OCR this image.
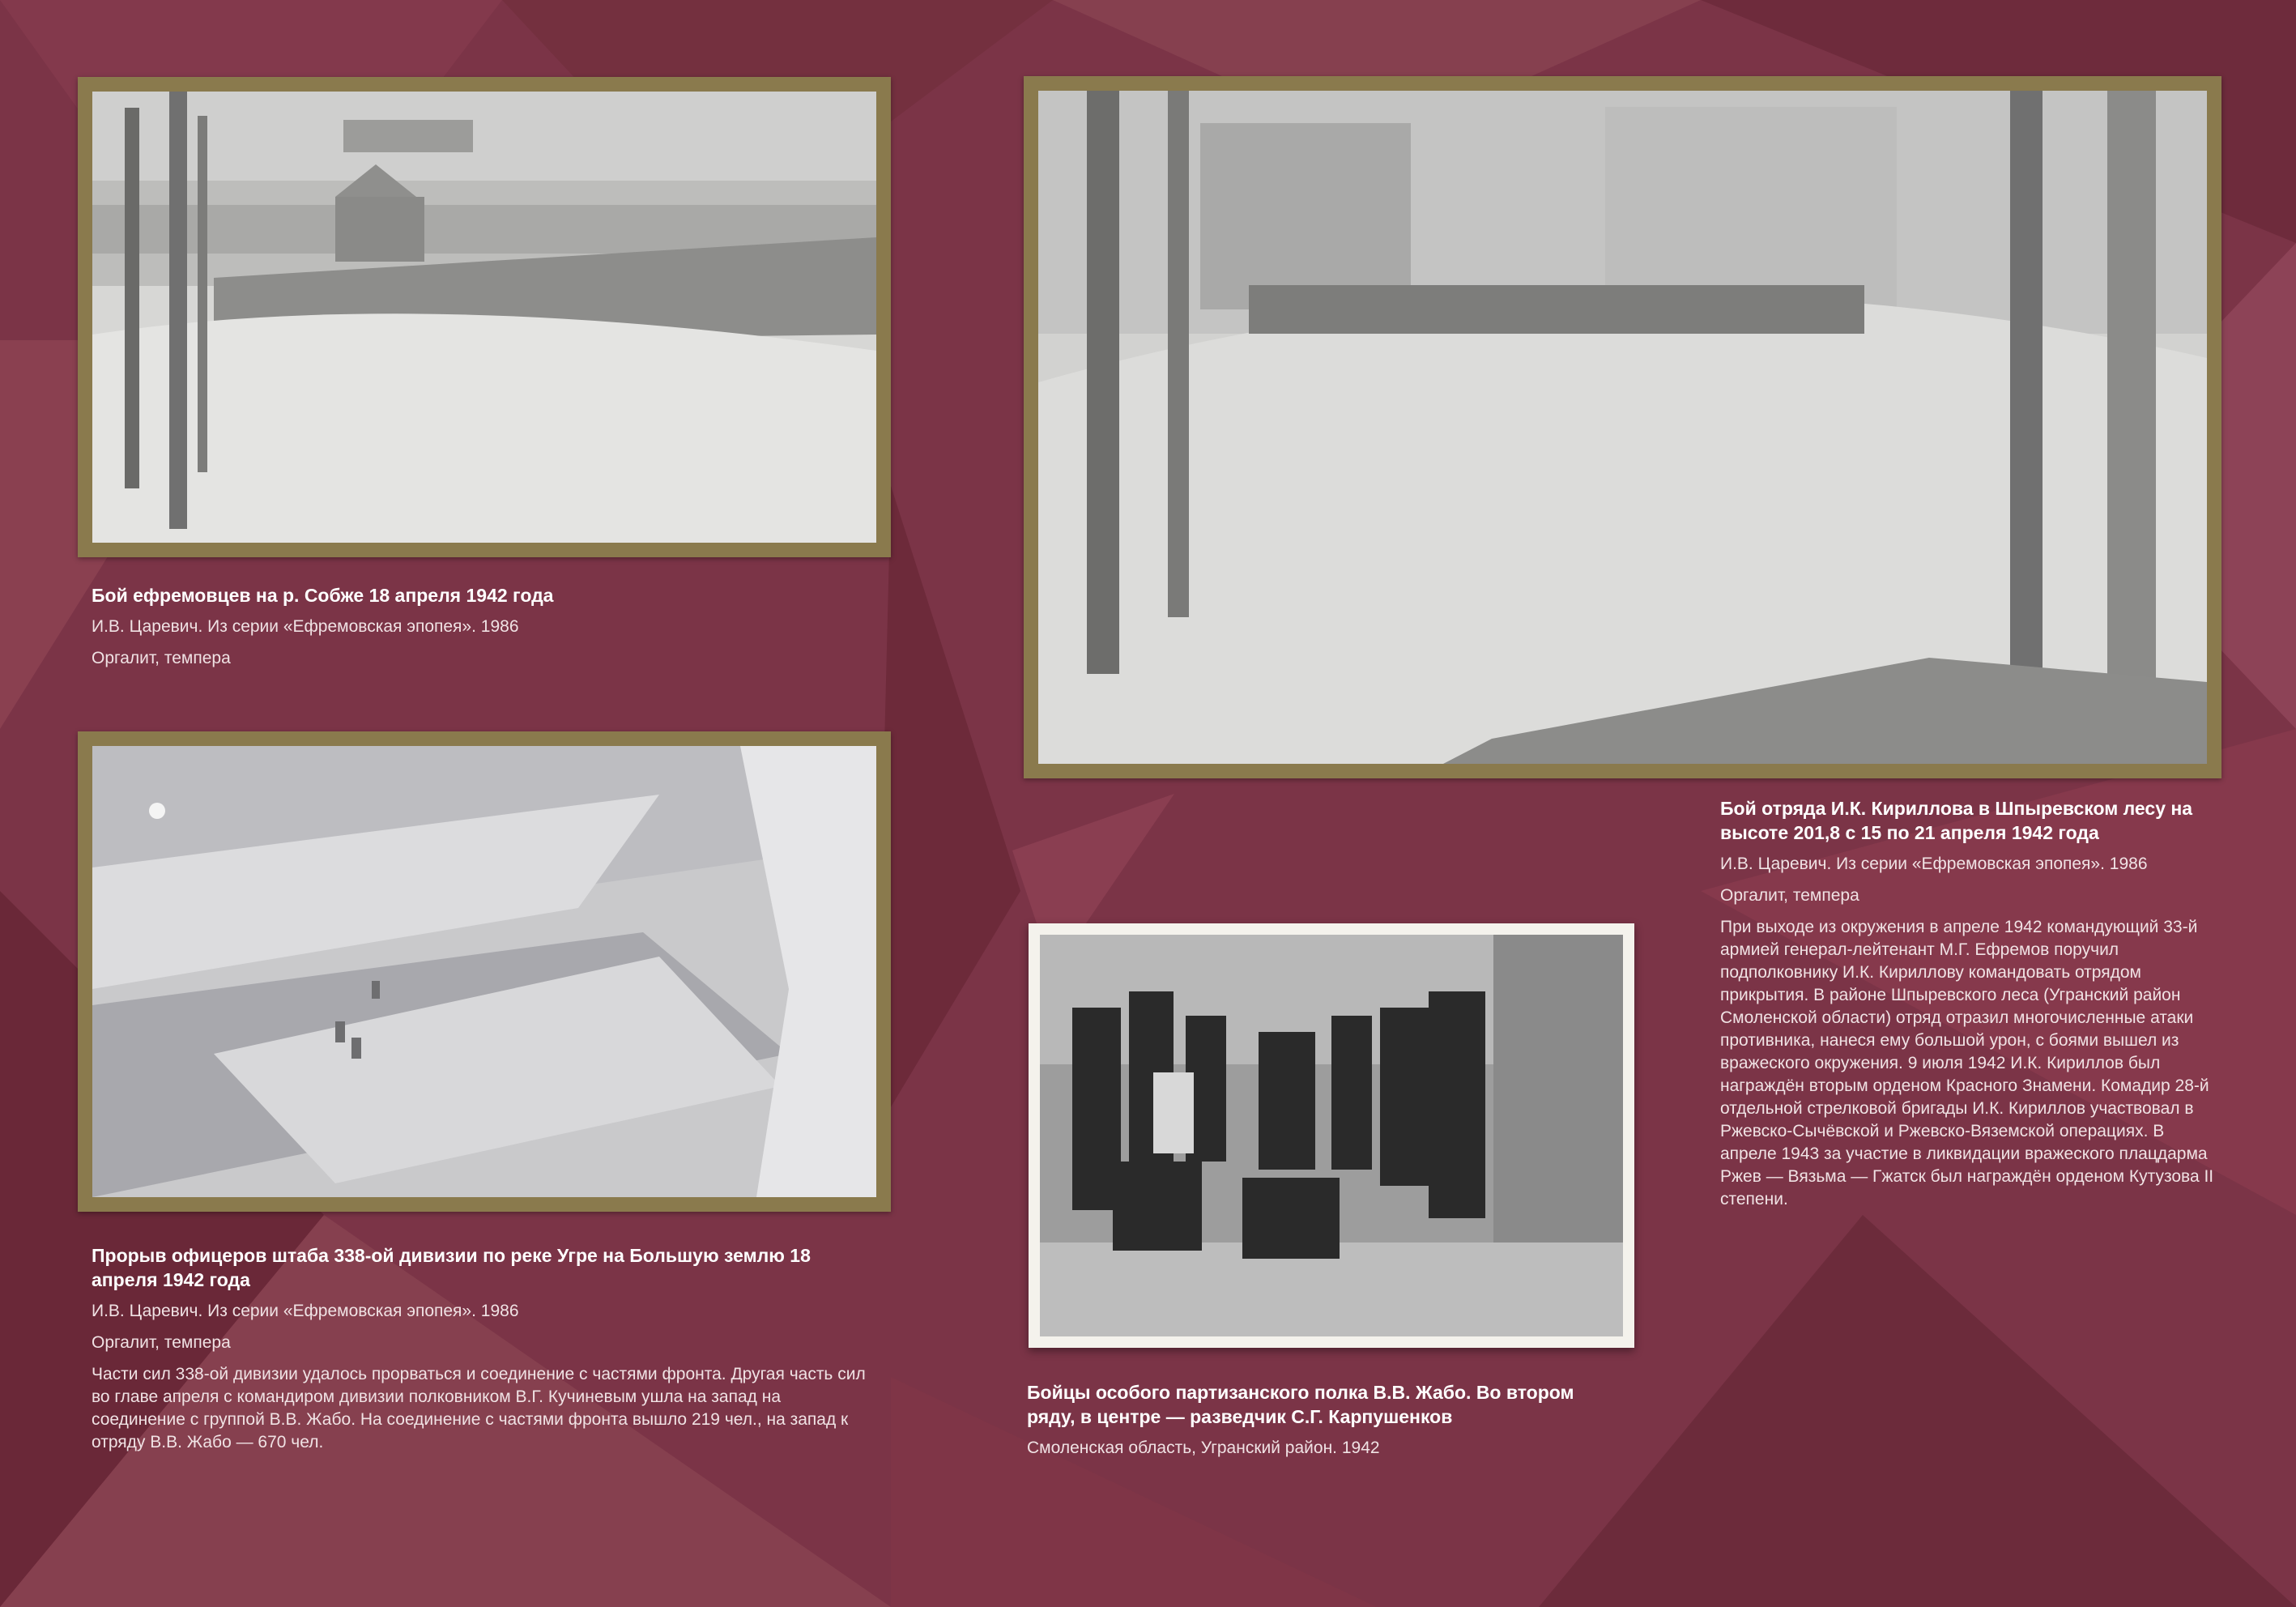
Бой ефремовцев на р. Собже 18 апреля 1942 года

И.В. Царевич. Из серии «Ефремовская эпопея». 1986

Оргалит, темпера

Прорыв офицеров штаба 338-ой дивизии по реке Угре на Большую землю 18 апреля 1942 года

И.В. Царевич. Из серии «Ефремовская эпопея». 1986

Оргалит, темпера

Части сил 338-ой дивизии удалось прорваться и соединение с частями фронта. Другая часть сил во главе апреля с командиром дивизии полковником В.Г. Кучиневым ушла на запад на соединение с группой В.В. Жабо. На соединение с частями фронта вышло 219 чел., на запад к отряду В.В. Жабо — 670 чел.

Бой отряда И.К. Кириллова в Шпыревском лесу на высоте 201,8 с 15 по 21 апреля 1942 года

И.В. Царевич. Из серии «Ефремовская эпопея». 1986

Оргалит, темпера

При выходе из окружения в апреле 1942 командующий 33-й армией генерал-лейтенант М.Г. Ефремов поручил подполковнику И.К. Кириллову командовать отрядом прикрытия. В районе Шпыревского леса (Угранский район Смоленской области) отряд отразил многочисленные атаки противника, нанеся ему большой урон, с боями вышел из вражеского окружения. 9 июля 1942 И.К. Кириллов был награждён вторым орденом Красного Знамени. Комадир 28-й отдельной стрелковой бригады И.К. Кириллов участвовал в Ржевско-Сычёвской и Ржевско-Вяземской операциях. В апреле 1943 за участие в ликвидации вражеского плацдарма Ржев — Вязьма — Гжатск был награждён орденом Кутузова II степени.

Бойцы особого партизанского полка В.В. Жабо. Во втором ряду, в центре — разведчик С.Г. Карпушенков

Смоленская область, Угранский район. 1942
